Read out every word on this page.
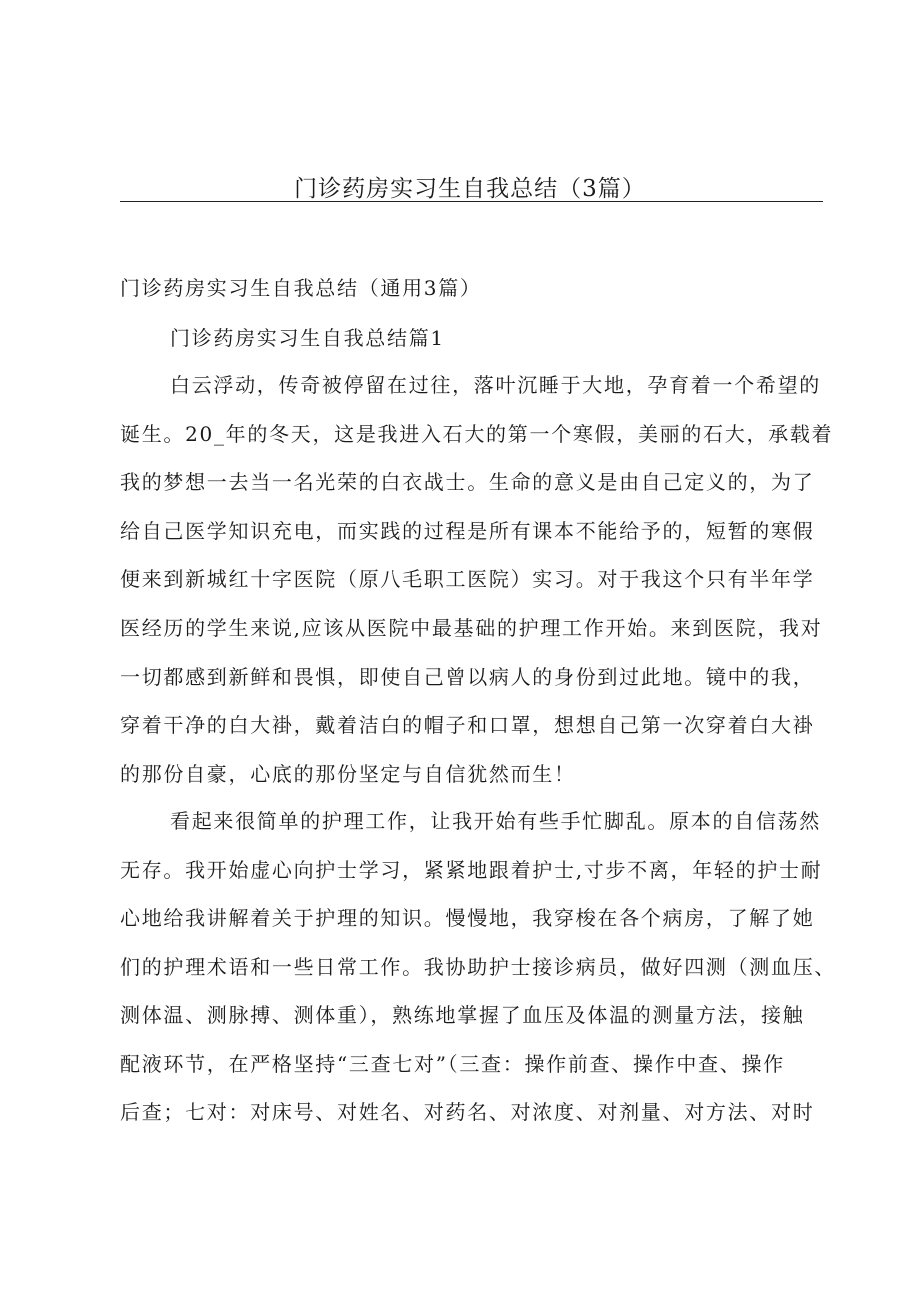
门诊药房实习生自我总结（3篇）
门诊药房实习生自我总结（通用3篇）
门诊药房实习生自我总结篇1
白云浮动，传奇被停留在过往，落叶沉睡于大地，孕育着一个希望的
诞生。20_年的冬天，这是我进入石大的第一个寒假，美丽的石大，承载着
我的梦想一去当一名光荣的白衣战士。生命的意义是由自己定义的，为了
给自己医学知识充电，而实践的过程是所有课本不能给予的，短暂的寒假
便来到新城红十字医院（原八毛职工医院）实习。对于我这个只有半年学
医经历的学生来说,应该从医院中最基础的护理工作开始。来到医院，我对
一切都感到新鲜和畏惧，即使自己曾以病人的身份到过此地。镜中的我，
穿着干净的白大褂，戴着洁白的帽子和口罩，想想自己第一次穿着白大褂
的那份自豪，心底的那份坚定与自信犹然而生！
看起来很简单的护理工作，让我开始有些手忙脚乱。原本的自信荡然
无存。我开始虚心向护士学习，紧紧地跟着护士,寸步不离，年轻的护士耐
心地给我讲解着关于护理的知识。慢慢地，我穿梭在各个病房，了解了她
们的护理术语和一些日常工作。我协助护士接诊病员，做好四测（测血压、
测体温、测脉搏、测体重），熟练地掌握了血压及体温的测量方法，接触
配液环节，在严格坚持“三查七对”（三查：操作前查、操作中查、操作
后查；七对：对床号、对姓名、对药名、对浓度、对剂量、对方法、对时
